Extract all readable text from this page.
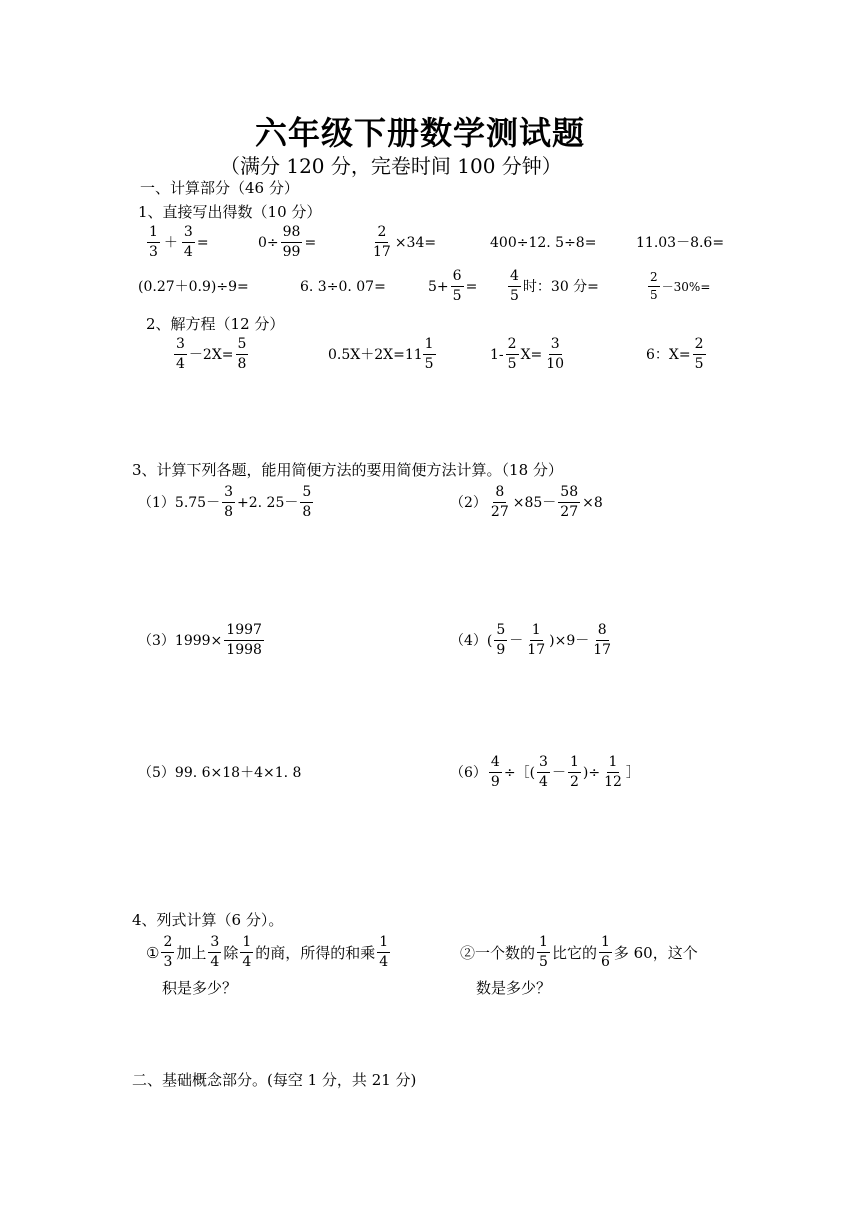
六年级下册数学测试题
（满分 120 分，完卷时间 100 分钟）
一、计算部分（46 分）
1、直接写出得数（10 分）
$\frac{1}{3} + \frac{3}{4}$ =	$0\div \frac{98}{99}$ =	$\frac{2}{17} \times 34=$	400÷12. 5÷8=	11.03－8.6=
(0.27＋0.9)÷9=	6. 3÷0. 07=	$5+ \frac{6}{5} = \frac{4}{5}$ 时：30 分=	$\frac{2}{5} -30\%=$
2、解方程（12 分）
$\frac{3}{4} -2X= \frac{5}{8}$	$0.5X+2X=11 \frac{1}{5}$	$1- \frac{2}{5} X= \frac{3}{10}$	6：$X= \frac{2}{5}$
3、计算下列各题，能用简便方法的要用简便方法计算。（18 分）
$(1)5.75- \frac{3}{8} +2$. $25- \frac{5}{8}$	$(2) \frac{8}{27} \times 85- \frac{58}{27} \times 8$
$(3)1999\times \frac{1997}{1998}$	$(4)( \frac{5}{9} - \frac{1}{17} )\times 9- \frac{8}{17}$
（5）99. 6×18＋4×1. 8	$(6) \frac{4}{9}$ ÷［( $\frac{3}{4} - \frac{1}{2}$ )÷ $\frac{1}{12}$ ］
4、列式计算（6 分）。
① $\frac{2}{3}$ 加上 $\frac{3}{4}$ 除 $\frac{1}{4}$ 的商，所得的和乘 $\frac{1}{4}$
积是多少？
②一个数的 $\frac{1}{5}$ 比它的 $\frac{1}{6}$ 多 60，这个
数是多少？
二、基础概念部分。(每空 1 分，共 21 分)
